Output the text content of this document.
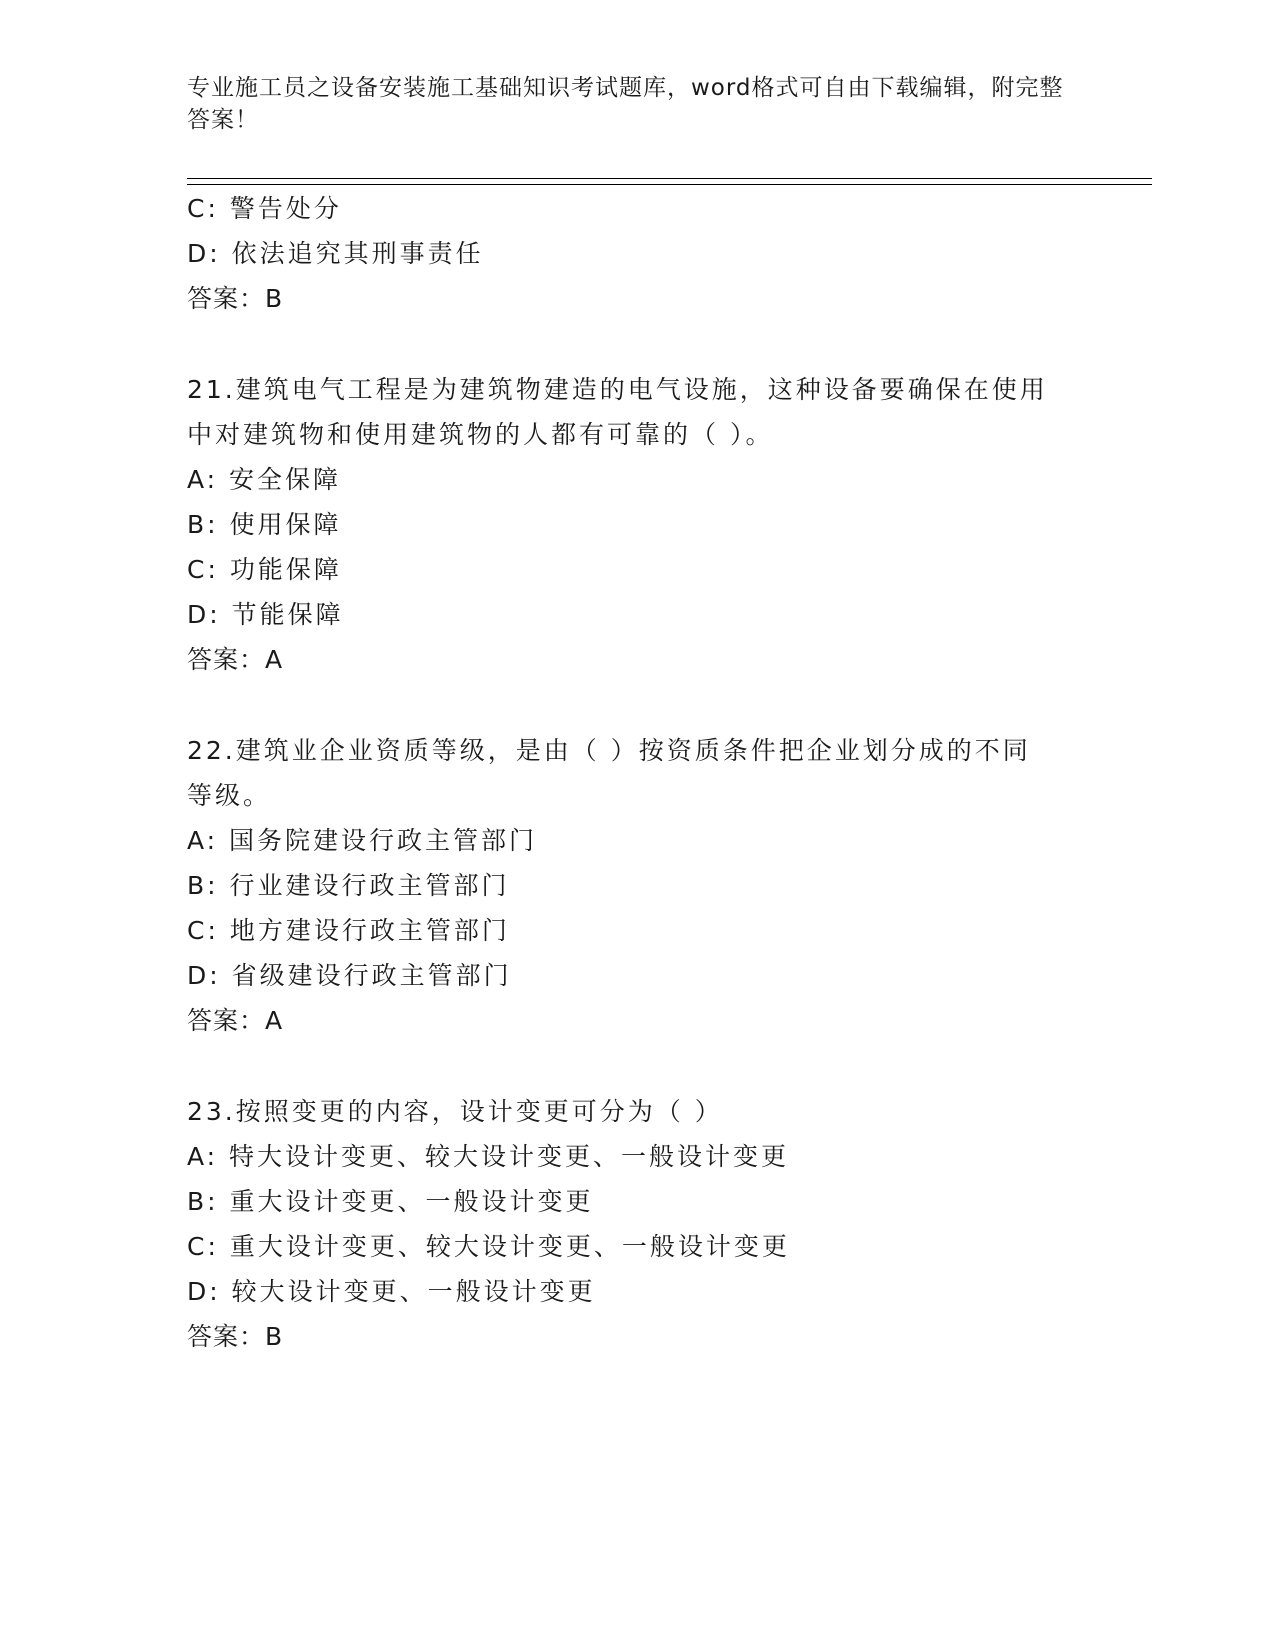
专业施工员之设备安装施工基础知识考试题库，word格式可自由下载编辑，附完整答案！
C: 警告处分
D: 依法追究其刑事责任
答案：B
21.建筑电气工程是为建筑物建造的电气设施，这种设备要确保在使用
中对建筑物和使用建筑物的人都有可靠的（ ）。
A: 安全保障
B: 使用保障
C: 功能保障
D: 节能保障
答案：A
22.建筑业企业资质等级，是由（ ）按资质条件把企业划分成的不同
等级。
A: 国务院建设行政主管部门
B: 行业建设行政主管部门
C: 地方建设行政主管部门
D: 省级建设行政主管部门
答案：A
23.按照变更的内容，设计变更可分为（ ）
A: 特大设计变更、较大设计变更、一般设计变更
B: 重大设计变更、一般设计变更
C: 重大设计变更、较大设计变更、一般设计变更
D: 较大设计变更、一般设计变更
答案：B
